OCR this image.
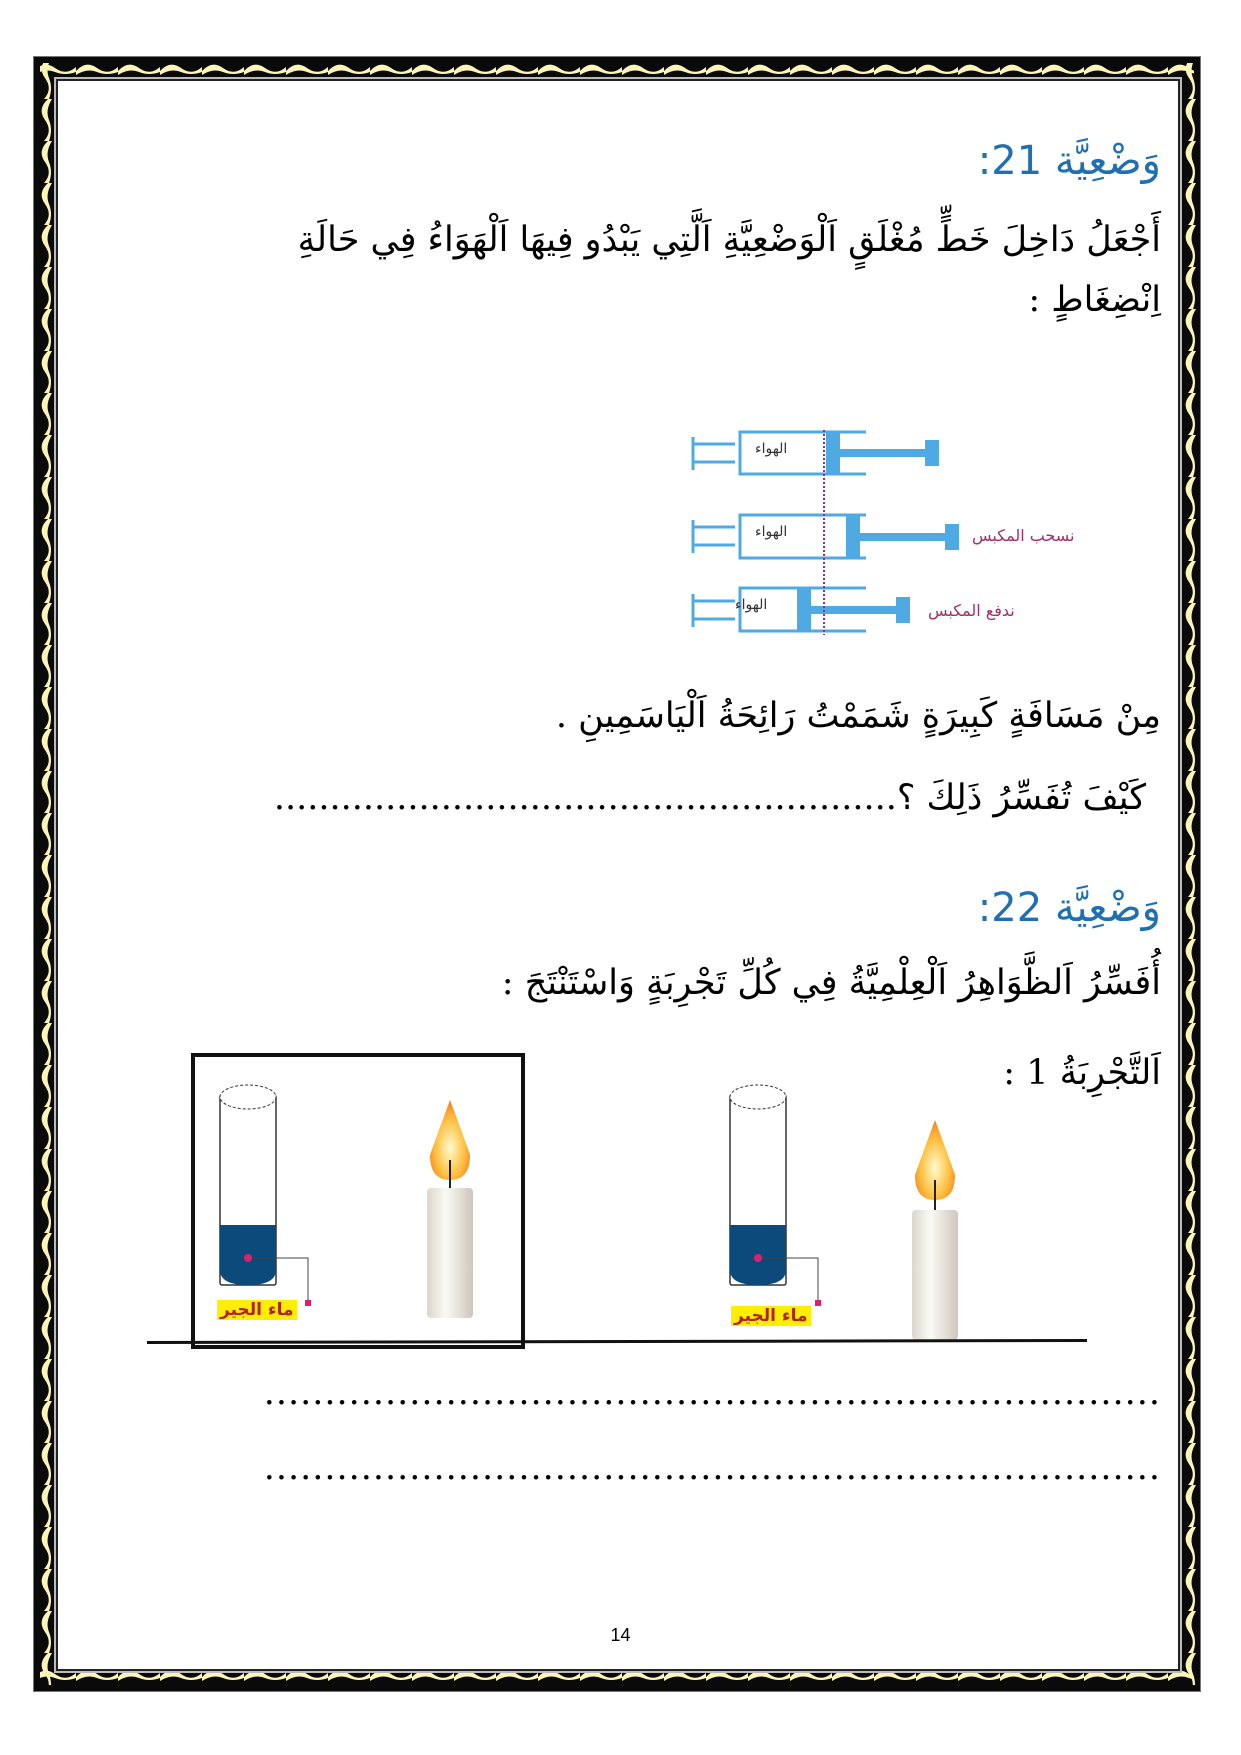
وَضْعِيَّة 21:
أَجْعَلُ دَاخِلَ خَطٍّ مُغْلَقٍ اَلْوَضْعِيَّةِ اَلَّتِي يَبْدُو فِيهَا اَلْهَوَاءُ فِي حَالَةِ
اِنْضِغَاطٍ :
الهواء
الهواء
الهواء
نسحب المكبس
ندفع المكبس
مِنْ مَسَافَةٍ كَبِيرَةٍ شَمَمْتُ رَائِحَةُ اَلْيَاسَمِينِ .
كَيْفَ تُفَسِّرُ ذَلِكَ ؟........................................................
وَضْعِيَّة 22:
أُفَسِّرُ اَلظَّوَاهِرُ اَلْعِلْمِيَّةُ فِي كُلِّ تَجْرِبَةٍ وَاسْتَنْتَجَ :
اَلتَّجْرِبَةُ 1 :
ماء الجير	ماء الجير
..........................................................................
..........................................................................
14
